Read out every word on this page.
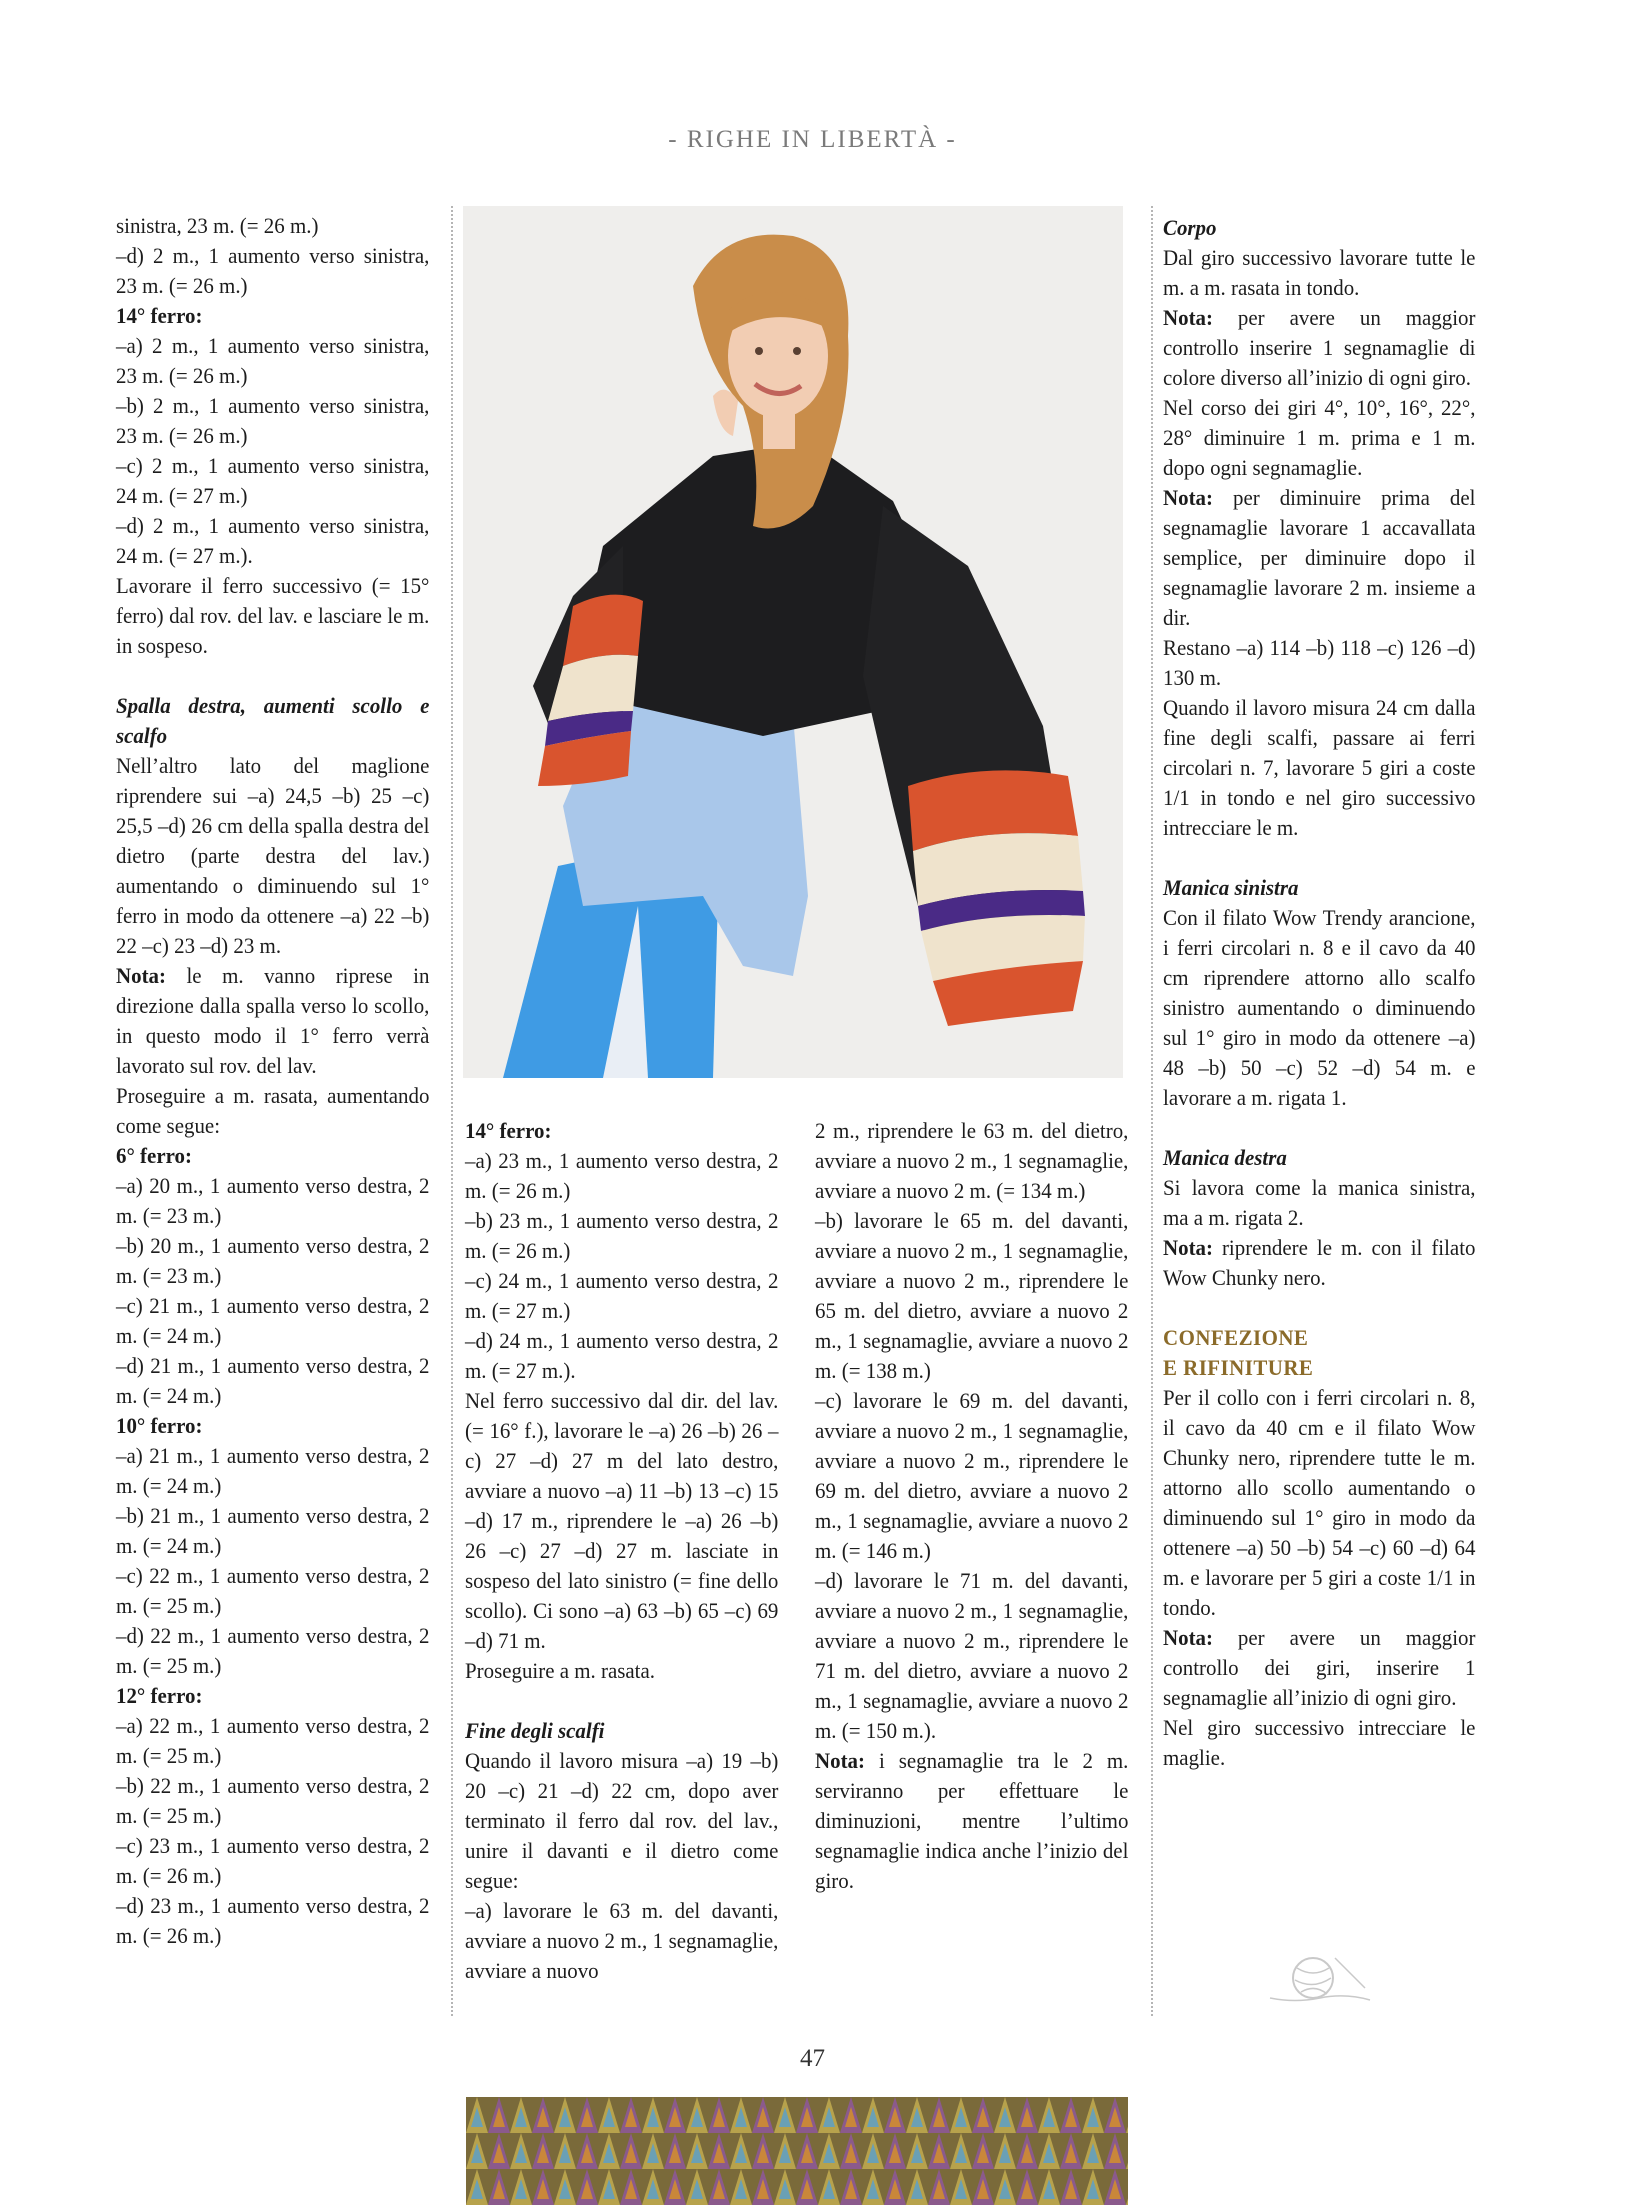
- RIGHE IN LIBERTÀ -

sinistra, 23 m. (= 26 m.)

–d) 2 m., 1 aumento verso sinistra, 23 m. (= 26 m.)

14° ferro:

–a) 2 m., 1 aumento verso sinistra, 23 m. (= 26 m.)

–b) 2 m., 1 aumento verso sinistra, 23 m. (= 26 m.)

–c) 2 m., 1 aumento verso sinistra, 24 m. (= 27 m.)

–d) 2 m., 1 aumento verso sinistra, 24 m. (= 27 m.).

Lavorare il ferro successivo (= 15° ferro) dal rov. del lav. e lasciare le m. in sospeso.

Spalla destra, aumenti scollo e scalfo

Nell’altro lato del maglione riprendere sui –a) 24,5 –b) 25 –c) 25,5 –d) 26 cm della spalla destra del dietro (parte destra del lav.) aumentando o diminuendo sul 1° ferro in modo da ottenere –a) 22 –b) 22 –c) 23 –d) 23 m.

Nota: le m. vanno riprese in direzione dalla spalla verso lo scollo, in questo modo il 1° ferro verrà lavorato sul rov. del lav.

Proseguire a m. rasata, aumentando come segue:

6° ferro:

–a) 20 m., 1 aumento verso destra, 2 m. (= 23 m.)

–b) 20 m., 1 aumento verso destra, 2 m. (= 23 m.)

–c) 21 m., 1 aumento verso destra, 2 m. (= 24 m.)

–d) 21 m., 1 aumento verso destra, 2 m. (= 24 m.)

10° ferro:

–a) 21 m., 1 aumento verso destra, 2 m. (= 24 m.)

–b) 21 m., 1 aumento verso destra, 2 m. (= 24 m.)

–c) 22 m., 1 aumento verso destra, 2 m. (= 25 m.)

–d) 22 m., 1 aumento verso destra, 2 m. (= 25 m.)

12° ferro:

–a) 22 m., 1 aumento verso destra, 2 m. (= 25 m.)

–b) 22 m., 1 aumento verso destra, 2 m. (= 25 m.)

–c) 23 m., 1 aumento verso destra, 2 m. (= 26 m.)

–d) 23 m., 1 aumento verso destra, 2 m. (= 26 m.)

14° ferro:

–a) 23 m., 1 aumento verso destra, 2 m. (= 26 m.)

–b) 23 m., 1 aumento verso destra, 2 m. (= 26 m.)

–c) 24 m., 1 aumento verso destra, 2 m. (= 27 m.)

–d) 24 m., 1 aumento verso destra, 2 m. (= 27 m.).

Nel ferro successivo dal dir. del lav. (= 16° f.), lavorare le –a) 26 –b) 26 –c) 27 –d) 27 m del lato destro, avviare a nuovo –a) 11 –b) 13 –c) 15 –d) 17 m., riprendere le –a) 26 –b) 26 –c) 27 –d) 27 m. lasciate in sospeso del lato sinistro (= fine dello scollo). Ci sono –a) 63 –b) 65 –c) 69 –d) 71 m.

Proseguire a m. rasata.

Fine degli scalfi

Quando il lavoro misura –a) 19 –b) 20 –c) 21 –d) 22 cm, dopo aver terminato il ferro dal rov. del lav., unire il davanti e il dietro come segue:

–a) lavorare le 63 m. del davanti, avviare a nuovo 2 m., 1 segnamaglie, avviare a nuovo

2 m., riprendere le 63 m. del dietro, avviare a nuovo 2 m., 1 segnamaglie, avviare a nuovo 2 m. (= 134 m.)

–b) lavorare le 65 m. del davanti, avviare a nuovo 2 m., 1 segnamaglie, avviare a nuovo 2 m., riprendere le 65 m. del dietro, avviare a nuovo 2 m., 1 segnamaglie, avviare a nuovo 2 m. (= 138 m.)

–c) lavorare le 69 m. del davanti, avviare a nuovo 2 m., 1 segnamaglie, avviare a nuovo 2 m., riprendere le 69 m. del dietro, avviare a nuovo 2 m., 1 segnamaglie, avviare a nuovo 2 m. (= 146 m.)

–d) lavorare le 71 m. del davanti, avviare a nuovo 2 m., 1 segnamaglie, avviare a nuovo 2 m., riprendere le 71 m. del dietro, avviare a nuovo 2 m., 1 segnamaglie, avviare a nuovo 2 m. (= 150 m.).

Nota: i segnamaglie tra le 2 m. serviranno per effettuare le diminuzioni, mentre l’ultimo segnamaglie indica anche l’inizio del giro.

Corpo

Dal giro successivo lavorare tutte le m. a m. rasata in tondo.

Nota: per avere un maggior controllo inserire 1 segnamaglie di colore diverso all’inizio di ogni giro.

Nel corso dei giri 4°, 10°, 16°, 22°, 28° diminuire 1 m. prima e 1 m. dopo ogni segnamaglie.

Nota: per diminuire prima del segnamaglie lavorare 1 accavallata semplice, per diminuire dopo il segnamaglie lavorare 2 m. insieme a dir.

Restano –a) 114 –b) 118 –c) 126 –d) 130 m.

Quando il lavoro misura 24 cm dalla fine degli scalfi, passare ai ferri circolari n. 7, lavorare 5 giri a coste 1/1 in tondo e nel giro successivo intrecciare le m.

Manica sinistra

Con il filato Wow Trendy arancione, i ferri circolari n. 8 e il cavo da 40 cm riprendere attorno allo scalfo sinistro aumentando o diminuendo sul 1° giro in modo da ottenere –a) 48 –b) 50 –c) 52 –d) 54 m. e lavorare a m. rigata 1.

Manica destra

Si lavora come la manica sinistra, ma a m. rigata 2.

Nota: riprendere le m. con il filato Wow Chunky nero.

CONFEZIONE

E RIFINITURE

Per il collo con i ferri circolari n. 8, il cavo da 40 cm e il filato Wow Chunky nero, riprendere tutte le m. attorno allo scollo aumentando o diminuendo sul 1° giro in modo da ottenere –a) 50 –b) 54 –c) 60 –d) 64 m. e lavorare per 5 giri a coste 1/1 in tondo.

Nota: per avere un maggior controllo dei giri, inserire 1 segnamaglie all’inizio di ogni giro.

Nel giro successivo intrecciare le maglie.

47
